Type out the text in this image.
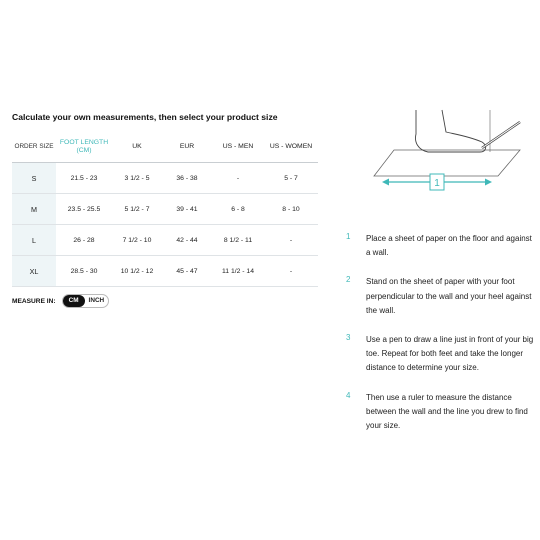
Calculate your own measurements, then select your product size
ORDER SIZE	FOOT LENGTH (CM)	UK	EUR	US - MEN	US - WOMEN
S	21.5 - 23	3 1/2 - 5	36 - 38	-	5 - 7
M	23.5 - 25.5	5 1/2 - 7	39 - 41	6 - 8	8 - 10
L	26 - 28	7 1/2 - 10	42 - 44	8 1/2 - 11	-
XL	28.5 - 30	10 1/2 - 12	45 - 47	11 1/2 - 14	-
MEASURE IN:	CM	INCH
1
1	Place a sheet of paper on the floor and against a wall.
2	Stand on the sheet of paper with your foot perpendicular to the wall and your heel against the wall.
3	Use a pen to draw a line just in front of your big toe. Repeat for both feet and take the longer distance to determine your size.
4	Then use a ruler to measure the distance between the wall and the line you drew to find your size.
